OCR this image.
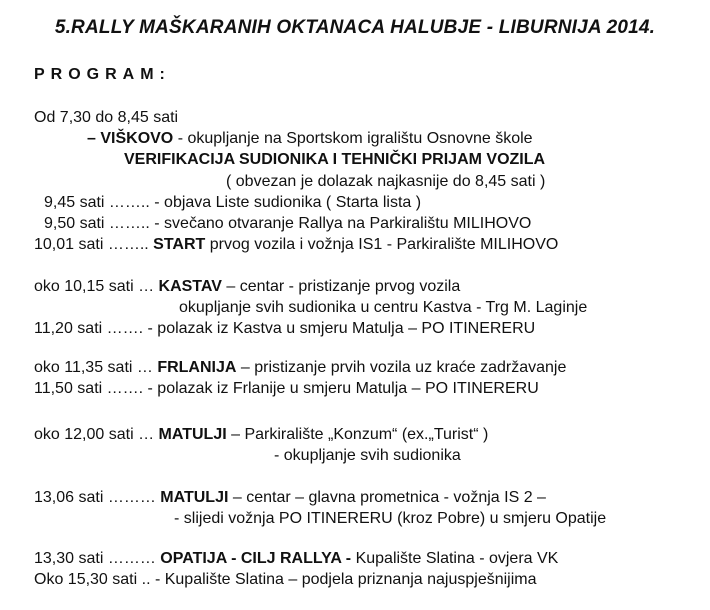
5.RALLY MAŠKARANIH OKTANACA HALUBJE - LIBURNIJA 2014.
PROGRAM:
Od 7,30 do 8,45 sati
– VIŠKOVO - okupljanje na Sportskom igralištu Osnovne škole
VERIFIKACIJA SUDIONIKA I TEHNIČKI PRIJAM VOZILA
( obvezan je dolazak najkasnije do 8,45 sati )
9,45 sati …….. - objava Liste sudionika ( Starta lista )
9,50 sati …….. - svečano otvaranje Rallya na Parkiralištu MILIHOVO
10,01 sati …….. START prvog vozila i vožnja IS1 - Parkiralište MILIHOVO
oko 10,15 sati … KASTAV – centar - pristizanje prvog vozila
okupljanje svih sudionika u centru Kastva - Trg M. Laginje
11,20 sati ……. - polazak iz Kastva u smjeru Matulja – PO ITINERERU
oko 11,35 sati … FRLANIJA – pristizanje prvih vozila uz kraće zadržavanje
11,50 sati ……. - polazak iz Frlanije u smjeru Matulja – PO ITINERERU
oko 12,00 sati … MATULJI – Parkiralište „Konzum“ (ex.„Turist“ )
- okupljanje svih sudionika
13,06 sati ……… MATULJI – centar – glavna prometnica - vožnja IS 2 –
- slijedi vožnja PO ITINERERU (kroz Pobre) u smjeru Opatije
13,30 sati ……… OPATIJA - CILJ RALLYA - Kupalište Slatina - ovjera VK
Oko 15,30 sati .. - Kupalište Slatina – podjela priznanja najuspješnijima
